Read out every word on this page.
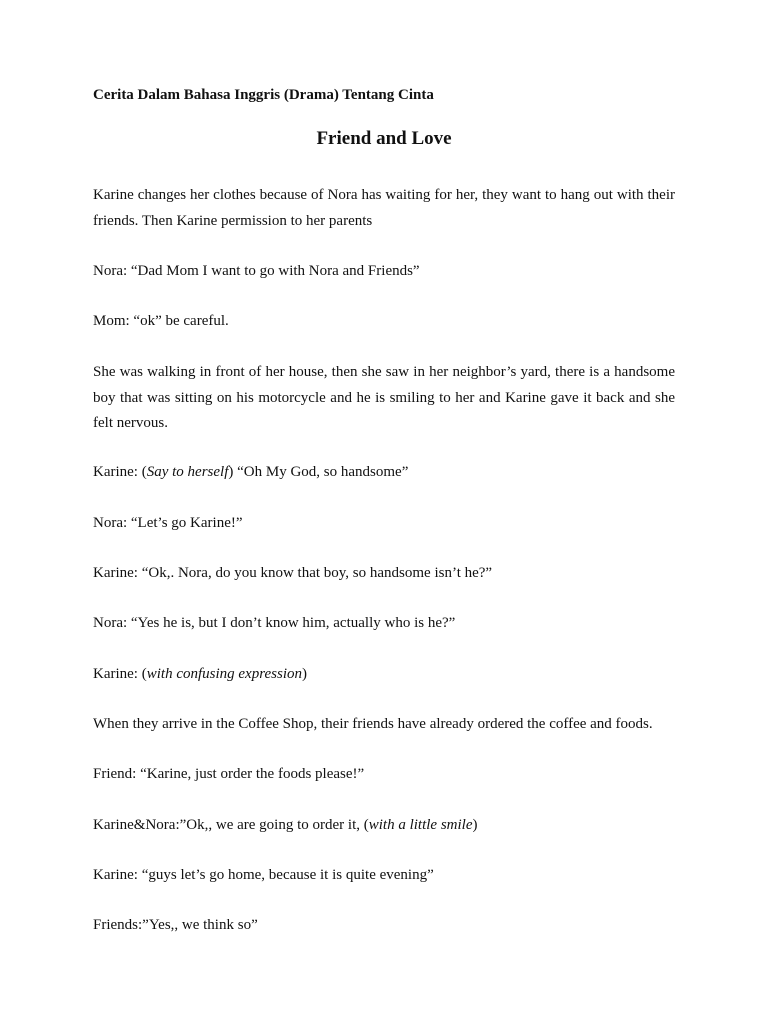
Cerita Dalam Bahasa Inggris (Drama) Tentang Cinta
Friend and Love

Karine changes her clothes because of Nora has waiting for her, they want to hang out with their friends. Then Karine permission to her parents

Nora: “Dad Mom I want to go with Nora and Friends”

Mom: “ok” be careful.

She was walking in front of her house, then she saw in her neighbor’s yard, there is a handsome boy that was sitting on his motorcycle and he is smiling to her and Karine gave it back and she felt nervous.

Karine: (Say to herself) “Oh My God, so handsome”

Nora: “Let’s go Karine!”

Karine: “Ok,. Nora, do you know that boy, so handsome isn’t he?”

Nora: “Yes he is, but I don’t know him, actually who is he?”

Karine: (with confusing expression)

When they arrive in the Coffee Shop, their friends have already ordered the coffee and foods.

Friend: “Karine, just order the foods please!”

Karine&Nora:”Ok,, we are going to order it, (with a little smile)

Karine: “guys let’s go home, because it is quite evening”

Friends:”Yes,, we think so”
